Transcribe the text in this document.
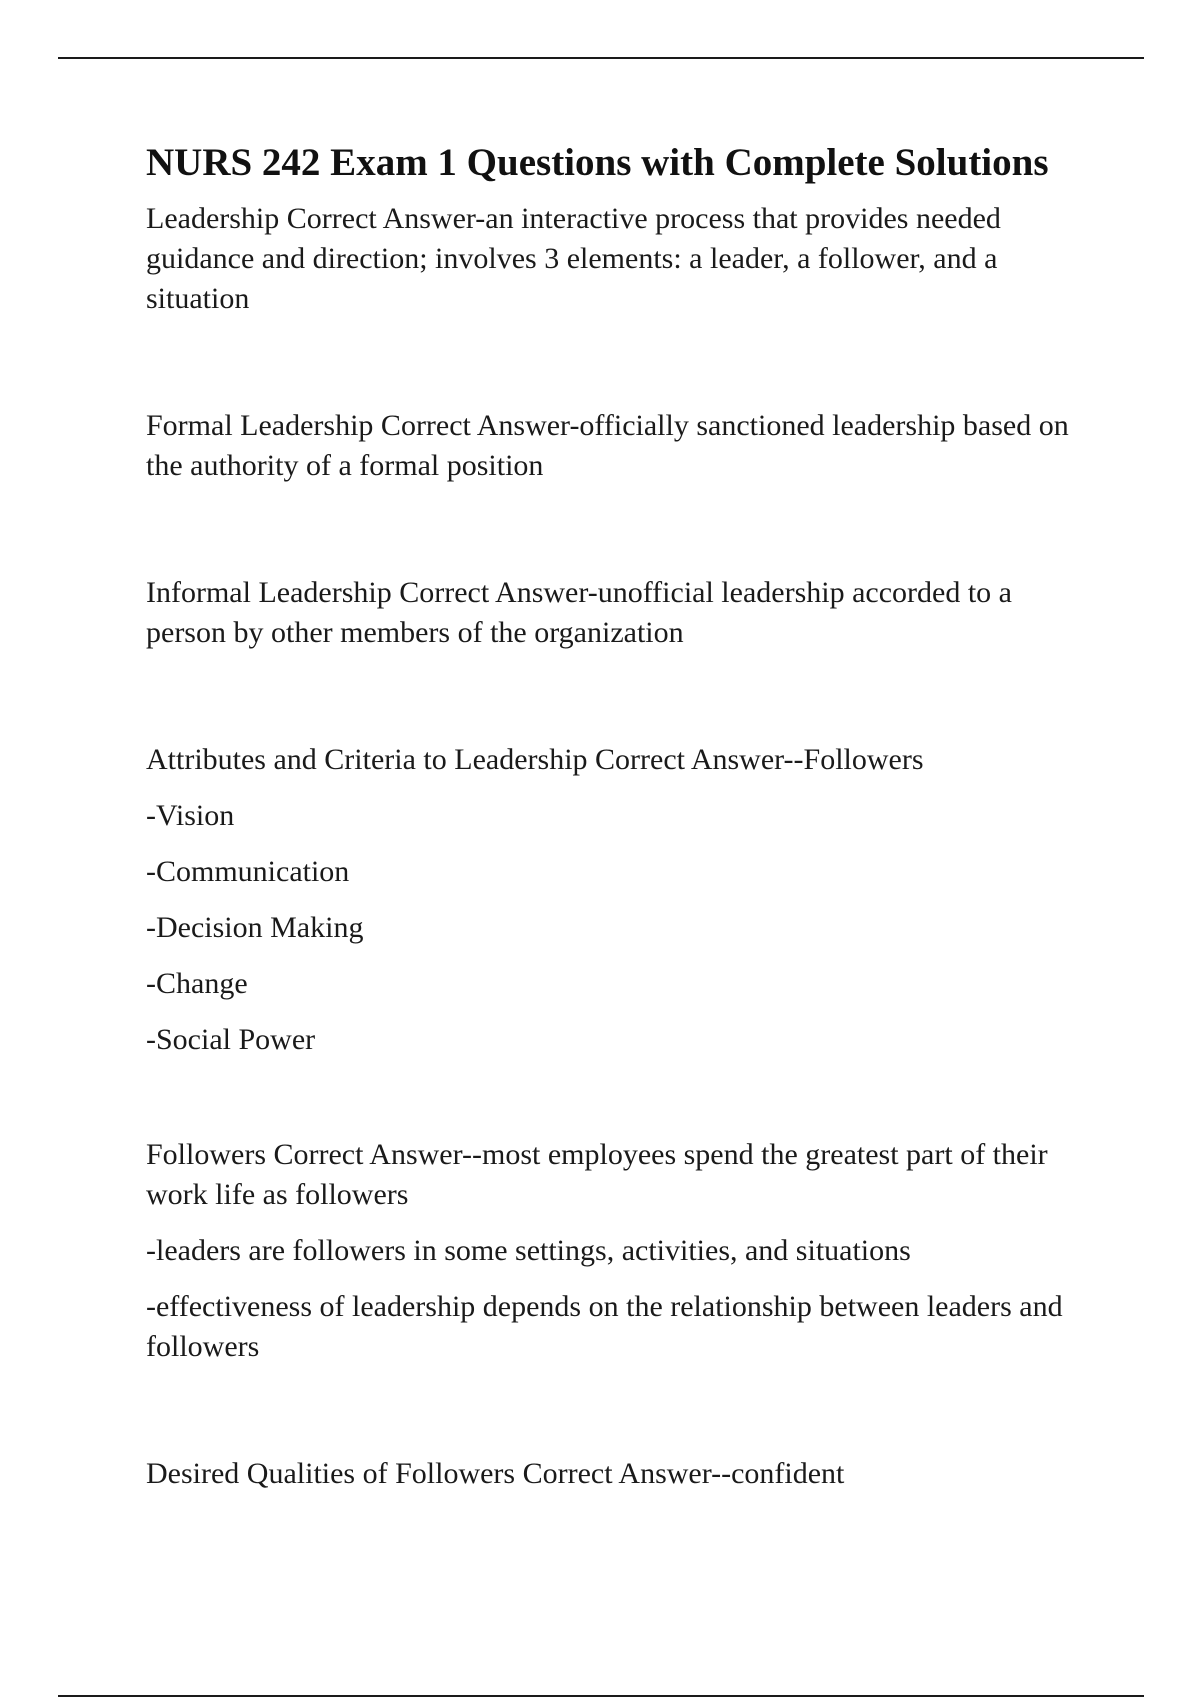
NURS 242 Exam 1 Questions with Complete Solutions

Leadership Correct Answer-an interactive process that provides needed guidance and direction; involves 3 elements: a leader, a follower, and a situation

Formal Leadership Correct Answer-officially sanctioned leadership based on the authority of a formal position

Informal Leadership Correct Answer-unofficial leadership accorded to a person by other members of the organization

Attributes and Criteria to Leadership Correct Answer--Followers

-Vision

-Communication

-Decision Making

-Change

-Social Power

Followers Correct Answer--most employees spend the greatest part of their work life as followers

-leaders are followers in some settings, activities, and situations

-effectiveness of leadership depends on the relationship between leaders and followers

Desired Qualities of Followers Correct Answer--confident
